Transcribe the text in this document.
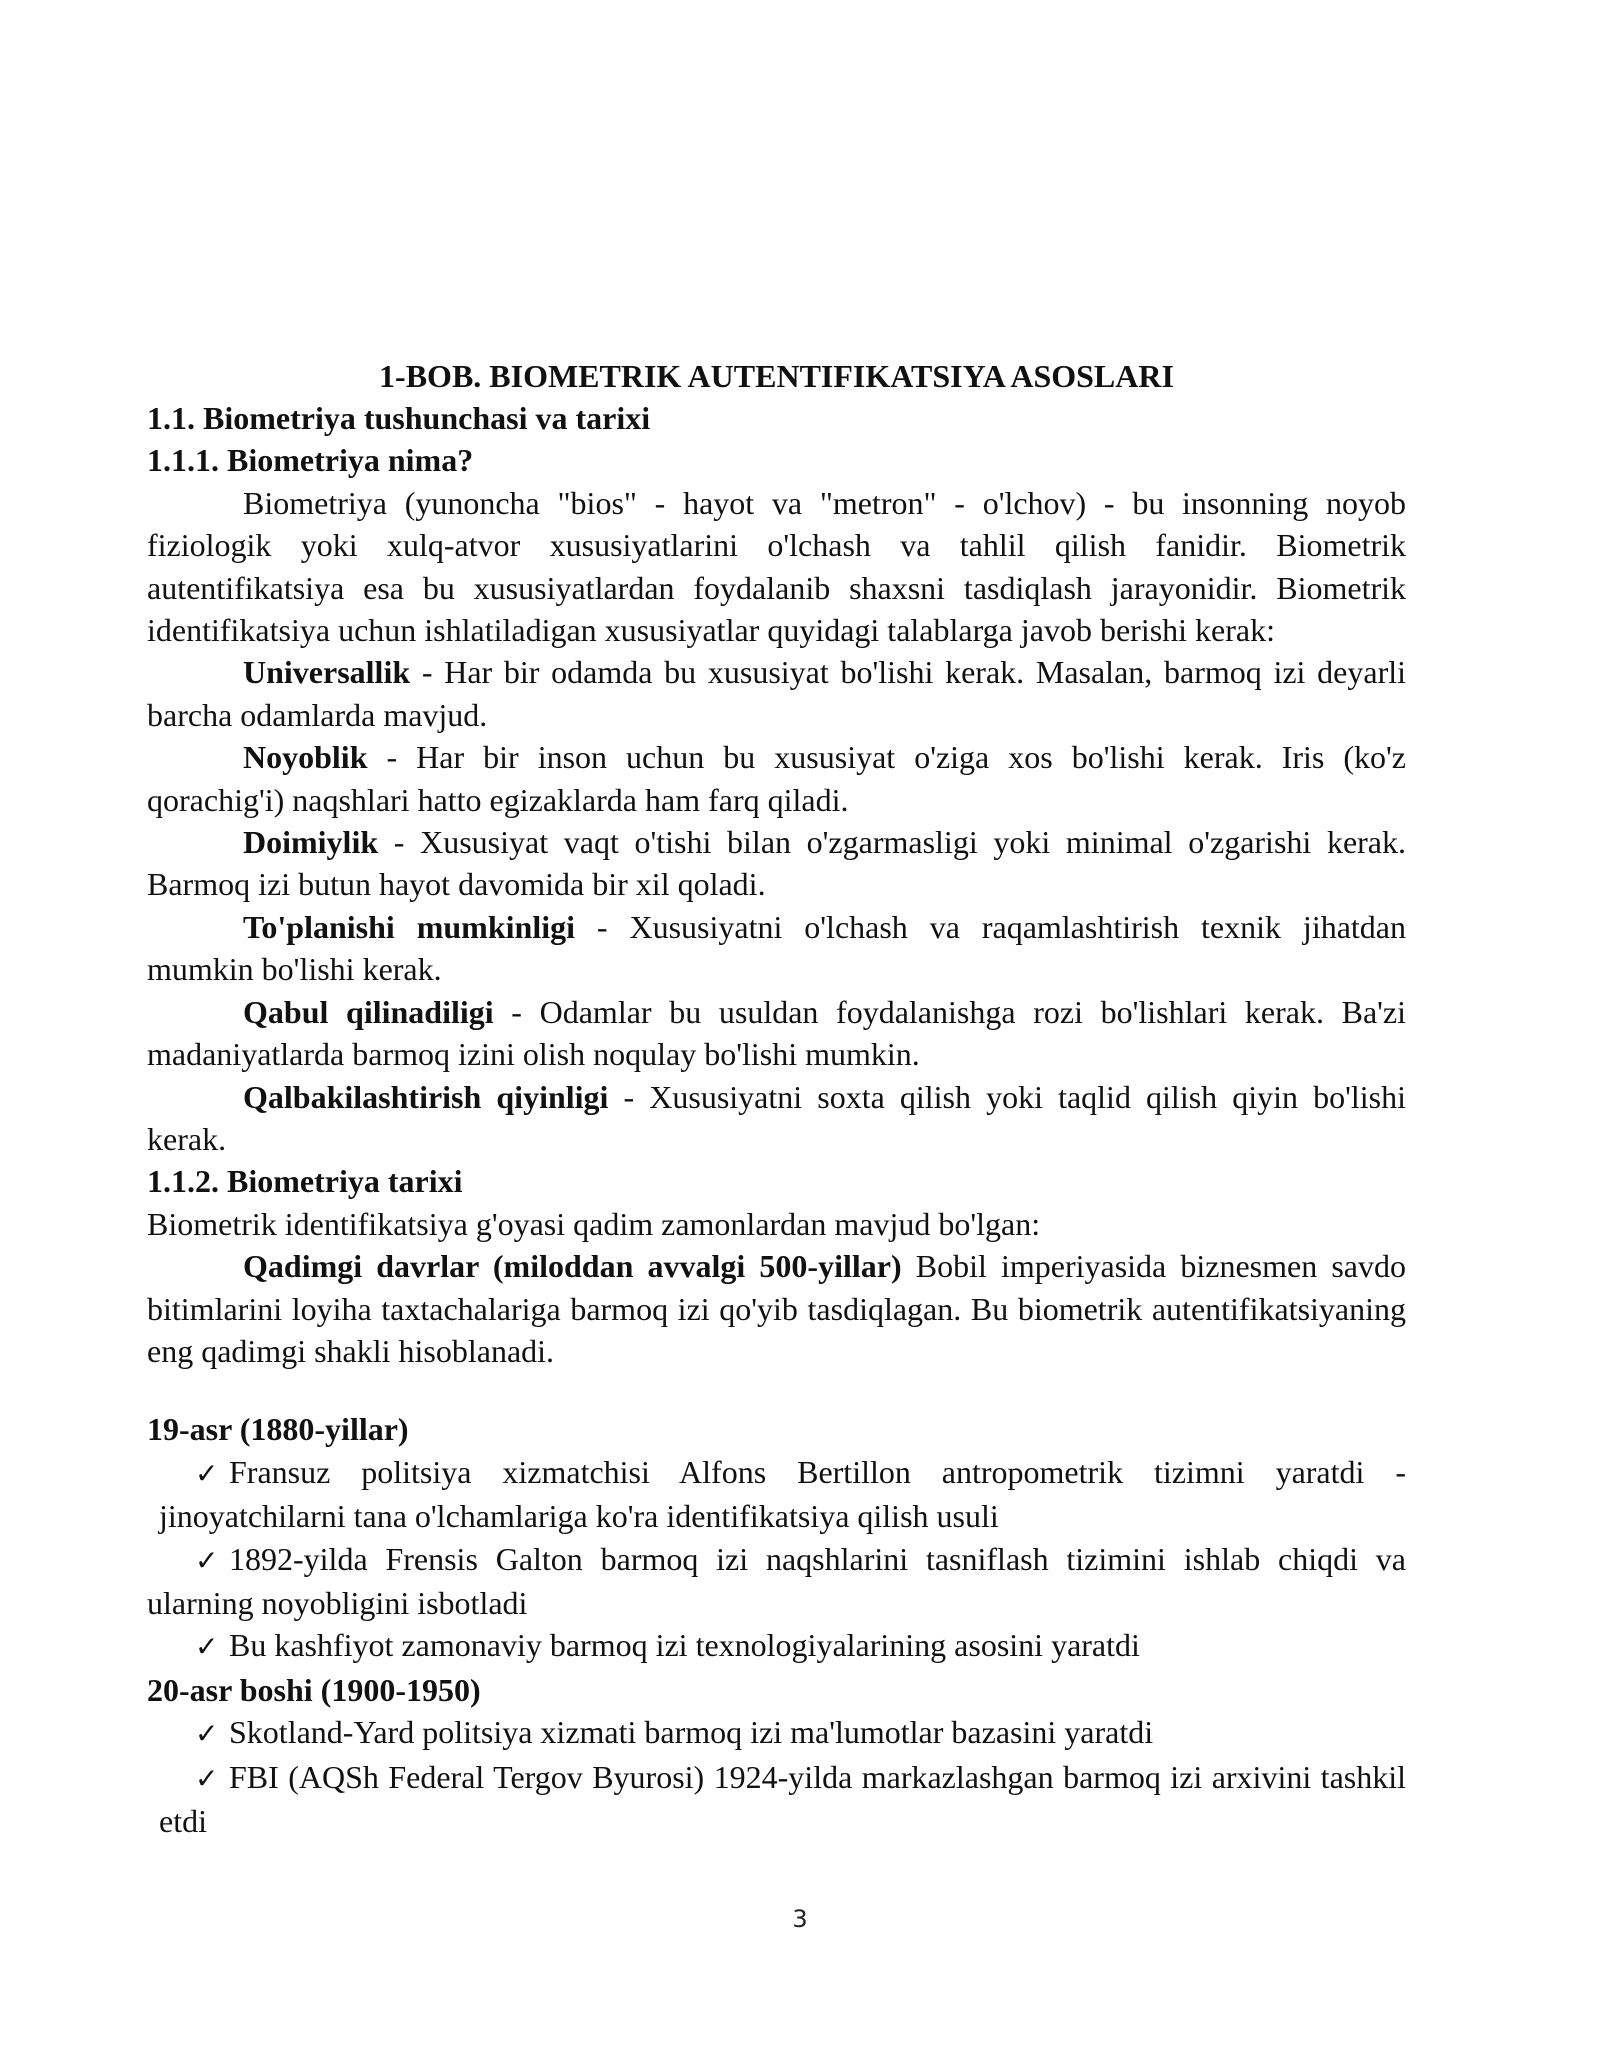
1-BOB. BIOMETRIK AUTENTIFIKATSIYA ASOSLARI

1.1. Biometriya tushunchasi va tarixi

1.1.1. Biometriya nima?

Biometriya (yunoncha "bios" - hayot va "metron" - o'lchov) - bu insonning noyob fiziologik yoki xulq-atvor xususiyatlarini o'lchash va tahlil qilish fanidir. Biometrik autentifikatsiya esa bu xususiyatlardan foydalanib shaxsni tasdiqlash jarayonidir. Biometrik identifikatsiya uchun ishlatiladigan xususiyatlar quyidagi talablarga javob berishi kerak:

Universallik - Har bir odamda bu xususiyat bo'lishi kerak. Masalan, barmoq izi deyarli barcha odamlarda mavjud.

Noyoblik - Har bir inson uchun bu xususiyat o'ziga xos bo'lishi kerak. Iris (ko'z qorachig'i) naqshlari hatto egizaklarda ham farq qiladi.

Doimiylik - Xususiyat vaqt o'tishi bilan o'zgarmasligi yoki minimal o'zgarishi kerak. Barmoq izi butun hayot davomida bir xil qoladi.

To'planishi mumkinligi - Xususiyatni o'lchash va raqamlashtirish texnik jihatdan mumkin bo'lishi kerak.

Qabul qilinadiligi - Odamlar bu usuldan foydalanishga rozi bo'lishlari kerak. Ba'zi madaniyatlarda barmoq izini olish noqulay bo'lishi mumkin.

Qalbakilashtirish qiyinligi - Xususiyatni soxta qilish yoki taqlid qilish qiyin bo'lishi kerak.

1.1.2. Biometriya tarixi

Biometrik identifikatsiya g'oyasi qadim zamonlardan mavjud bo'lgan:

Qadimgi davrlar (miloddan avvalgi 500-yillar) Bobil imperiyasida biznesmen savdo bitimlarini loyiha taxtachalariga barmoq izi qo'yib tasdiqlagan. Bu biometrik autentifikatsiyaning eng qadimgi shakli hisoblanadi.

19-asr (1880-yillar)

✓ Fransuz politsiya xizmatchisi Alfons Bertillon antropometrik tizimni yaratdi - jinoyatchilarni tana o'lchamlariga ko'ra identifikatsiya qilish usuli

✓ 1892-yilda Frensis Galton barmoq izi naqshlarini tasniflash tizimini ishlab chiqdi va ularning noyobligini isbotladi

✓ Bu kashfiyot zamonaviy barmoq izi texnologiyalarining asosini yaratdi

20-asr boshi (1900-1950)

✓ Skotland-Yard politsiya xizmati barmoq izi ma'lumotlar bazasini yaratdi

✓ FBI (AQSh Federal Tergov Byurosi) 1924-yilda markazlashgan barmoq izi arxivini tashkil etdi

3
